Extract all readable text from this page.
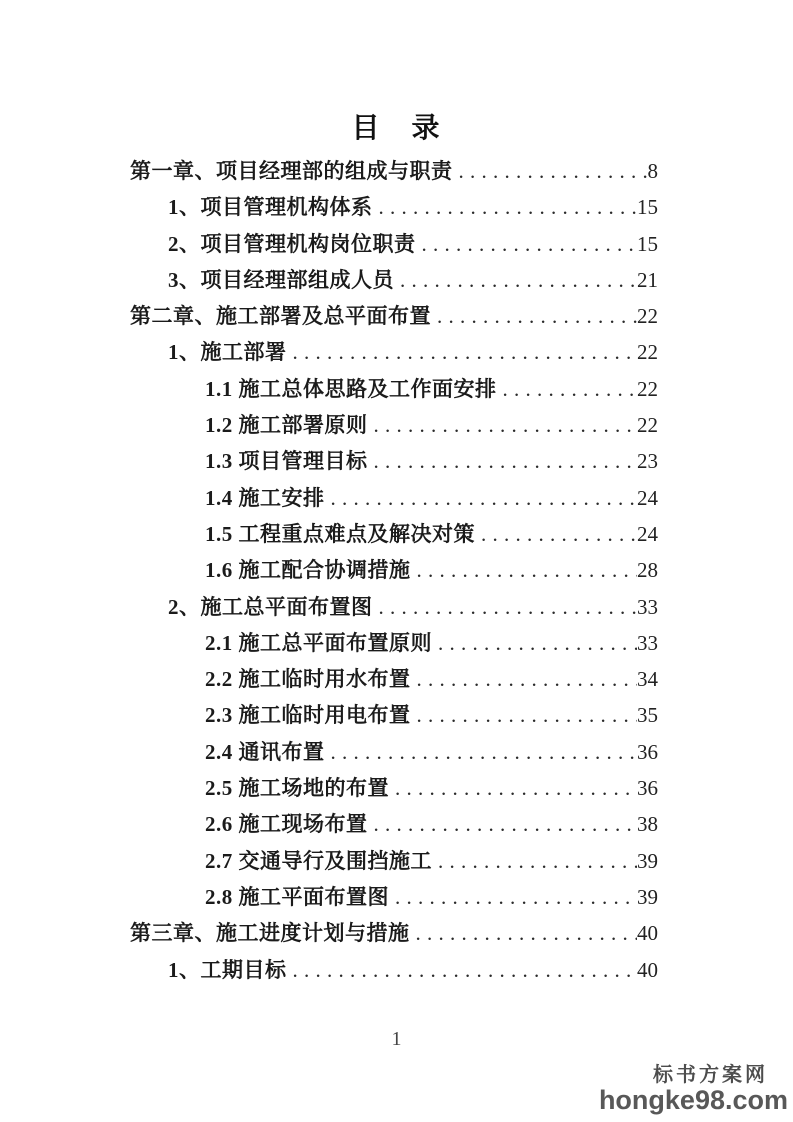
目　录
第一章、项目经理部的组成与职责 . . .	8
1、项目管理机构体系 . . .	15
2、项目管理机构岗位职责 . . .	15
3、项目经理部组成人员 . . .	21
第二章、施工部署及总平面布置 . . .	22
1、施工部署 . . .	22
1.1 施工总体思路及工作面安排 . . .	22
1.2 施工部署原则 . . .	22
1.3 项目管理目标 . . .	23
1.4 施工安排 . . .	24
1.5 工程重点难点及解决对策 . . .	24
1.6 施工配合协调措施 . . .	28
2、施工总平面布置图 . . .	33
2.1 施工总平面布置原则 . . .	33
2.2 施工临时用水布置 . . .	34
2.3 施工临时用电布置 . . .	35
2.4 通讯布置 . . .	36
2.5 施工场地的布置 . . .	36
2.6 施工现场布置 . . .	38
2.7 交通导行及围挡施工 . . .	39
2.8 施工平面布置图 . . .	39
第三章、施工进度计划与措施 . . .	40
1、工期目标 . . .	40
1
标书方案网
hongke98.com
